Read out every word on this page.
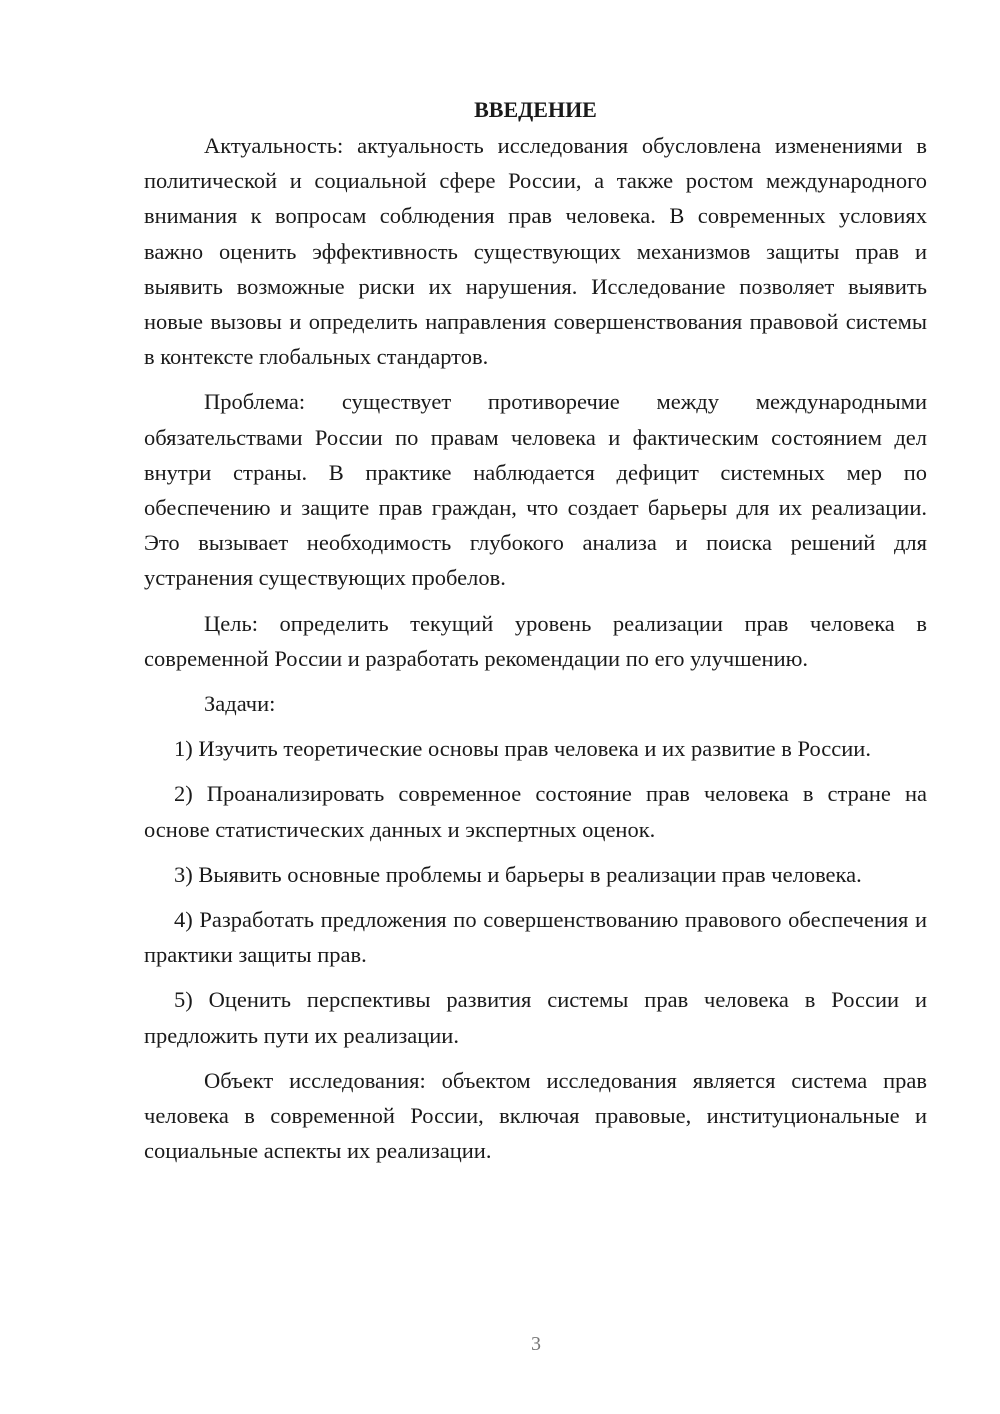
ВВЕДЕНИЕ

Актуальность: актуальность исследования обусловлена изменениями в политической и социальной сфере России, а также ростом международного внимания к вопросам соблюдения прав человека. В современных условиях важно оценить эффективность существующих механизмов защиты прав и выявить возможные риски их нарушения. Исследование позволяет выявить новые вызовы и определить направления совершенствования правовой системы в контексте глобальных стандартов.

Проблема: существует противоречие между международными обязательствами России по правам человека и фактическим состоянием дел внутри страны. В практике наблюдается дефицит системных мер по обеспечению и защите прав граждан, что создает барьеры для их реализации. Это вызывает необходимость глубокого анализа и поиска решений для устранения существующих пробелов.

Цель: определить текущий уровень реализации прав человека в современной России и разработать рекомендации по его улучшению.

Задачи:

1) Изучить теоретические основы прав человека и их развитие в России.

2) Проанализировать современное состояние прав человека в стране на основе статистических данных и экспертных оценок.

3) Выявить основные проблемы и барьеры в реализации прав человека.

4) Разработать предложения по совершенствованию правового обеспечения и практики защиты прав.

5) Оценить перспективы развития системы прав человека в России и предложить пути их реализации.

Объект исследования: объектом исследования является система прав человека в современной России, включая правовые, институциональные и социальные аспекты их реализации.

3
